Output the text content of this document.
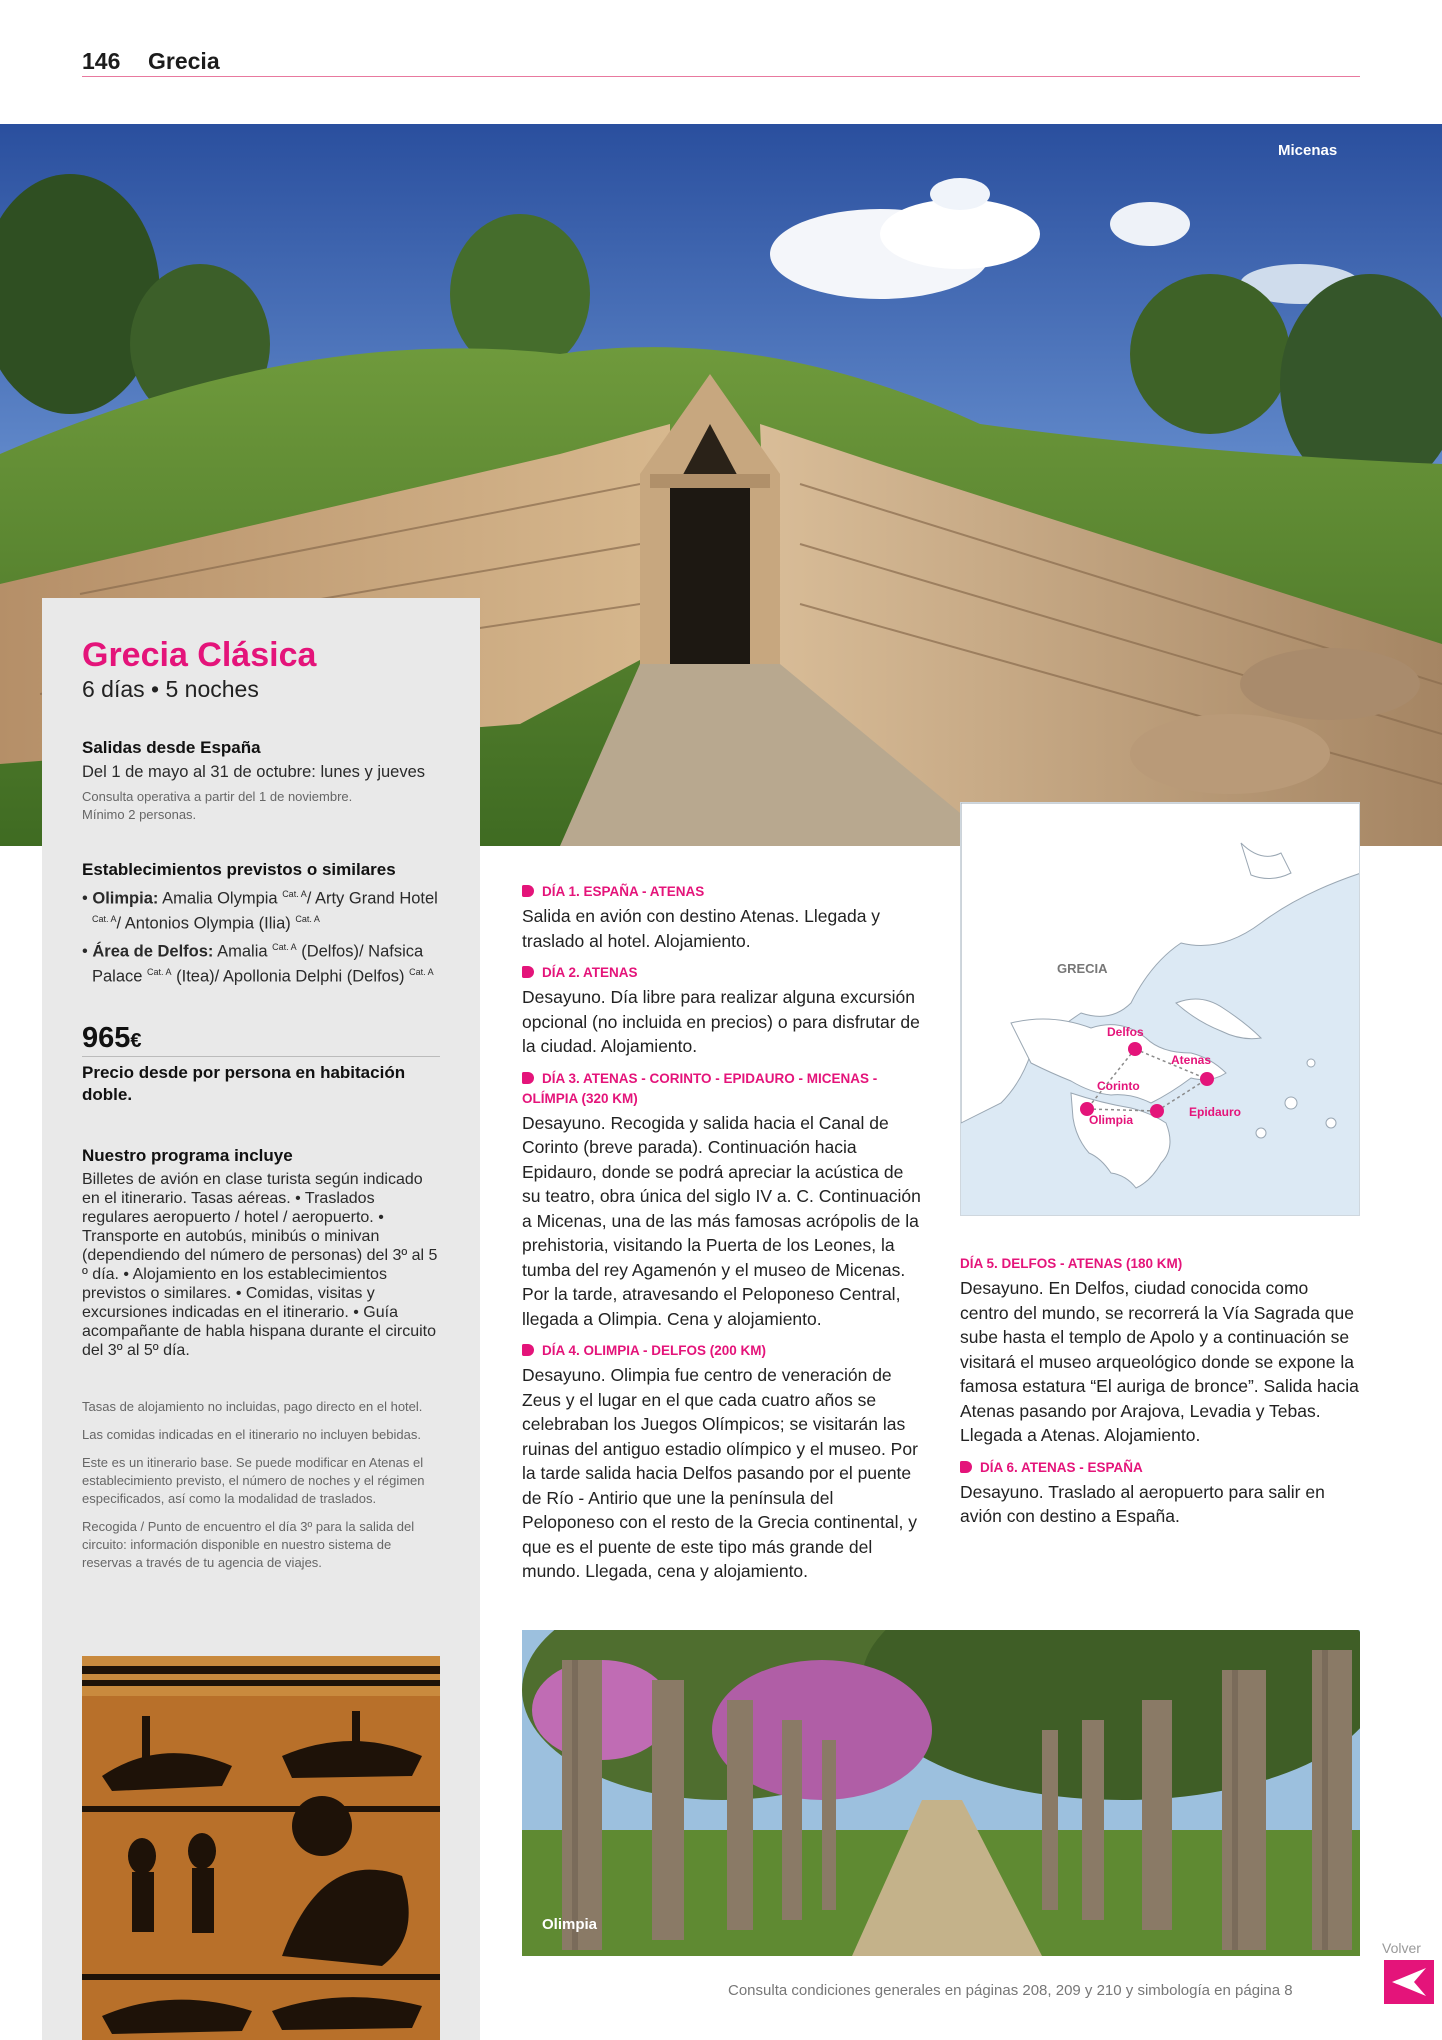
146 Grecia
Micenas
Grecia Clásica
6 días • 5 noches
Salidas desde España
Del 1 de mayo al 31 de octubre: lunes y jueves
Consulta operativa a partir del 1 de noviembre.
Mínimo 2 personas.
Establecimientos previstos o similares
• Olimpia: Amalia Olympia $^{Cat. A}$/ Arty Grand Hotel $^{Cat. A}$/ Antonios Olympia (Ilia) $^{Cat. A}$
• Área de Delfos: Amalia $^{Cat. A}$ (Delfos)/ Nafsica Palace $^{Cat. A}$ (Itea)/ Apollonia Delphi (Delfos) $^{Cat. A}$
965€
Precio desde por persona en habitación doble.
Nuestro programa incluye
Billetes de avión en clase turista según indicado en el itinerario. Tasas aéreas. • Traslados regulares aeropuerto / hotel / aeropuerto. • Transporte en autobús, minibús o minivan (dependiendo del número de personas) del 3º al 5 º día. • Alojamiento en los establecimientos previstos o similares. • Comidas, visitas y excursiones indicadas en el itinerario. • Guía acompañante de habla hispana durante el circuito del 3º al 5º día.

Tasas de alojamiento no incluidas, pago directo en el hotel.

Las comidas indicadas en el itinerario no incluyen bebidas.

Este es un itinerario base. Se puede modificar en Atenas el establecimiento previsto, el número de noches y el régimen especificados, así como la modalidad de traslados.

Recogida / Punto de encuentro el día 3º para la salida del circuito: información disponible en nuestro sistema de reservas a través de tu agencia de viajes.

DÍA 1. ESPAÑA - ATENAS
Salida en avión con destino Atenas. Llegada y traslado al hotel. Alojamiento.
DÍA 2. ATENAS
Desayuno. Día libre para realizar alguna excursión opcional (no incluida en precios) o para disfrutar de la ciudad. Alojamiento.
DÍA 3. ATENAS - CORINTO - EPIDAURO - MICENAS - OLÍMPIA (320 KM)
Desayuno. Recogida y salida hacia el Canal de Corinto (breve parada). Continuación hacia Epidauro, donde se podrá apreciar la acústica de su teatro, obra única del siglo IV a. C. Continuación a Micenas, una de las más famosas acrópolis de la prehistoria, visitando la Puerta de los Leones, la tumba del rey Agamenón y el museo de Micenas. Por la tarde, atravesando el Peloponeso Central, llegada a Olimpia. Cena y alojamiento.
DÍA 4. OLIMPIA - DELFOS (200 KM)
Desayuno. Olimpia fue centro de veneración de Zeus y el lugar en el que cada cuatro años se celebraban los Juegos Olímpicos; se visitarán las ruinas del antiguo estadio olímpico y el museo. Por la tarde salida hacia Delfos pasando por el puente de Río - Antirio que une la península del Peloponeso con el resto de la Grecia continental, y que es el puente de este tipo más grande del mundo. Llegada, cena y alojamiento.
GRECIA
Delfos
Atenas
Corinto
Olimpia
Epidauro
DÍA 5. DELFOS - ATENAS (180 KM)
Desayuno. En Delfos, ciudad conocida como centro del mundo, se recorrerá la Vía Sagrada que sube hasta el templo de Apolo y a continuación se visitará el museo arqueológico donde se expone la famosa estatura “El auriga de bronce”. Salida hacia Atenas pasando por Arajova, Levadia y Tebas. Llegada a Atenas. Alojamiento.
DÍA 6. ATENAS - ESPAÑA
Desayuno. Traslado al aeropuerto para salir en avión con destino a España.
Olimpia
Consulta condiciones generales en páginas 208, 209 y 210 y simbología en página 8
Volver
